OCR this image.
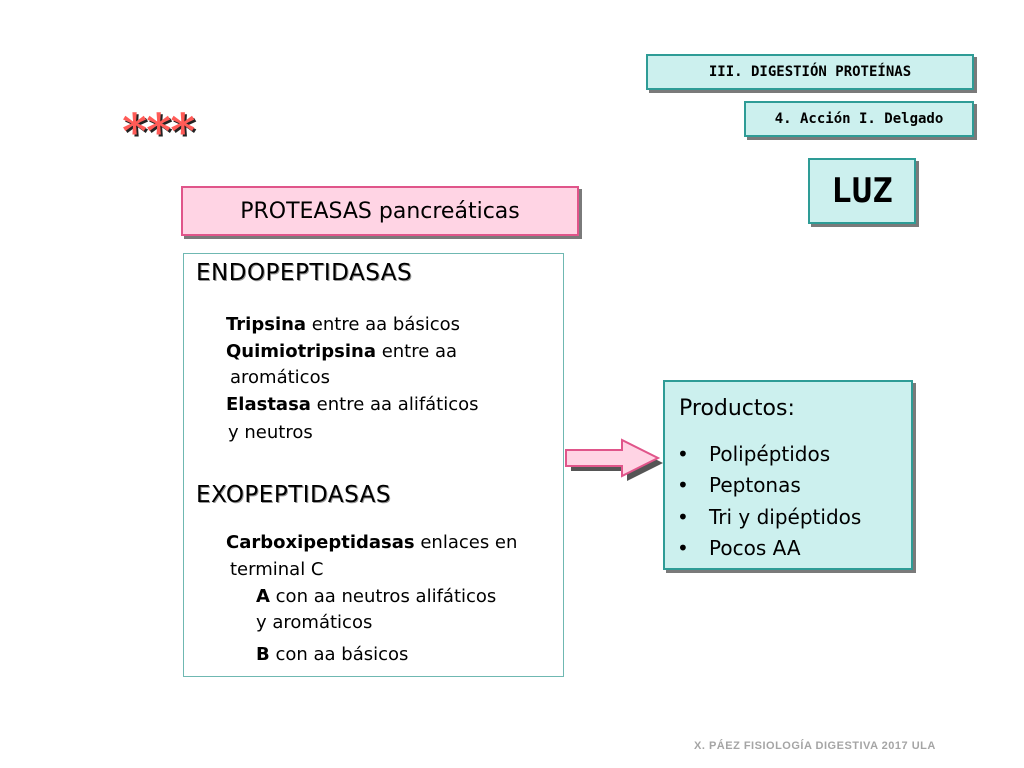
III. DIGESTIÓN PROTEÍNAS
4. Acción I. Delgado
LUZ
***
PROTEASAS pancreáticas
ENDOPEPTIDASAS
Tripsina entre aa básicos
Quimiotripsina entre aa
aromáticos
Elastasa entre aa alifáticos
y neutros
EXOPEPTIDASAS
Carboxipeptidasas enlaces en
terminal C
A con aa neutros alifáticos
y aromáticos
B con aa básicos
Productos:
• Polipéptidos
• Peptonas
• Tri y dipéptidos
• Pocos AA
X. PÁEZ FISIOLOGÍA DIGESTIVA 2017 ULA
